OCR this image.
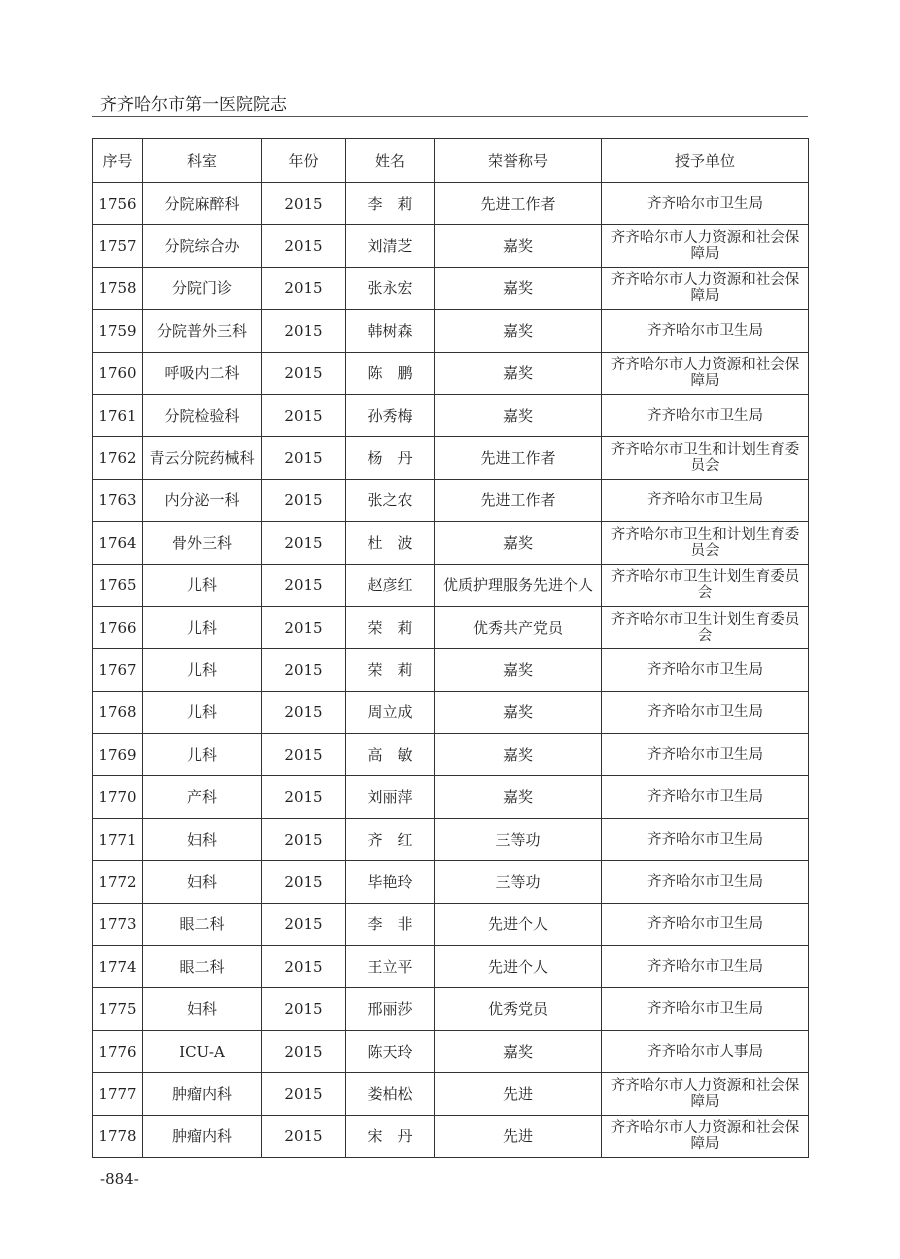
齐齐哈尔市第一医院院志
序号	科室	年份	姓名	荣誉称号	授予单位
1756	分院麻醉科	2015	李　莉	先进工作者	齐齐哈尔市卫生局
1757	分院综合办	2015	刘清芝	嘉奖	齐齐哈尔市人力资源和社会保障局
1758	分院门诊	2015	张永宏	嘉奖	齐齐哈尔市人力资源和社会保障局
1759	分院普外三科	2015	韩树森	嘉奖	齐齐哈尔市卫生局
1760	呼吸内二科	2015	陈　鹏	嘉奖	齐齐哈尔市人力资源和社会保障局
1761	分院检验科	2015	孙秀梅	嘉奖	齐齐哈尔市卫生局
1762	青云分院药械科	2015	杨　丹	先进工作者	齐齐哈尔市卫生和计划生育委员会
1763	内分泌一科	2015	张之农	先进工作者	齐齐哈尔市卫生局
1764	骨外三科	2015	杜　波	嘉奖	齐齐哈尔市卫生和计划生育委员会
1765	儿科	2015	赵彦红	优质护理服务先进个人	齐齐哈尔市卫生计划生育委员会
1766	儿科	2015	荣　莉	优秀共产党员	齐齐哈尔市卫生计划生育委员会
1767	儿科	2015	荣　莉	嘉奖	齐齐哈尔市卫生局
1768	儿科	2015	周立成	嘉奖	齐齐哈尔市卫生局
1769	儿科	2015	高　敏	嘉奖	齐齐哈尔市卫生局
1770	产科	2015	刘丽萍	嘉奖	齐齐哈尔市卫生局
1771	妇科	2015	齐　红	三等功	齐齐哈尔市卫生局
1772	妇科	2015	毕艳玲	三等功	齐齐哈尔市卫生局
1773	眼二科	2015	李　非	先进个人	齐齐哈尔市卫生局
1774	眼二科	2015	王立平	先进个人	齐齐哈尔市卫生局
1775	妇科	2015	邢丽莎	优秀党员	齐齐哈尔市卫生局
1776	ICU-A	2015	陈天玲	嘉奖	齐齐哈尔市人事局
1777	肿瘤内科	2015	娄柏松	先进	齐齐哈尔市人力资源和社会保障局
1778	肿瘤内科	2015	宋　丹	先进	齐齐哈尔市人力资源和社会保障局
-884-
